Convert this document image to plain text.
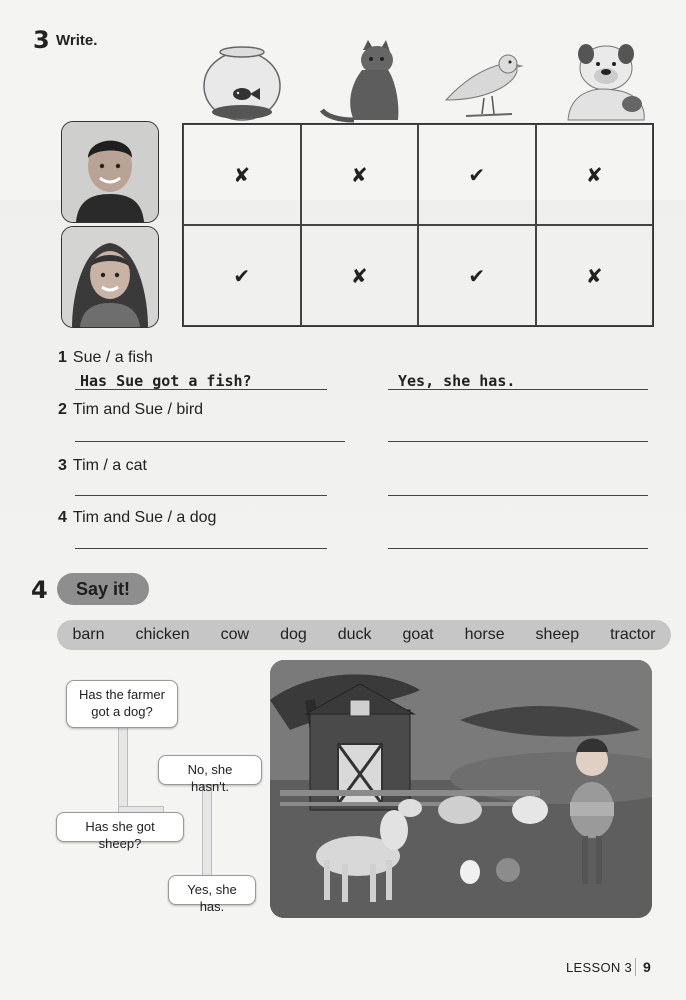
3 Write.
✘	✘	✔	✘
✔	✘	✔	✘
1 Sue / a fish
Has Sue got a fish?	Yes, she has.
2 Tim and Sue / bird
3 Tim / a cat
4 Tim and Sue / a dog
4	Say it!
barn chicken cow dog duck goat horse sheep tractor
Has the farmer got a dog?
No, she hasn't.
Has she got sheep?
Yes, she has.
LESSON 3 9
